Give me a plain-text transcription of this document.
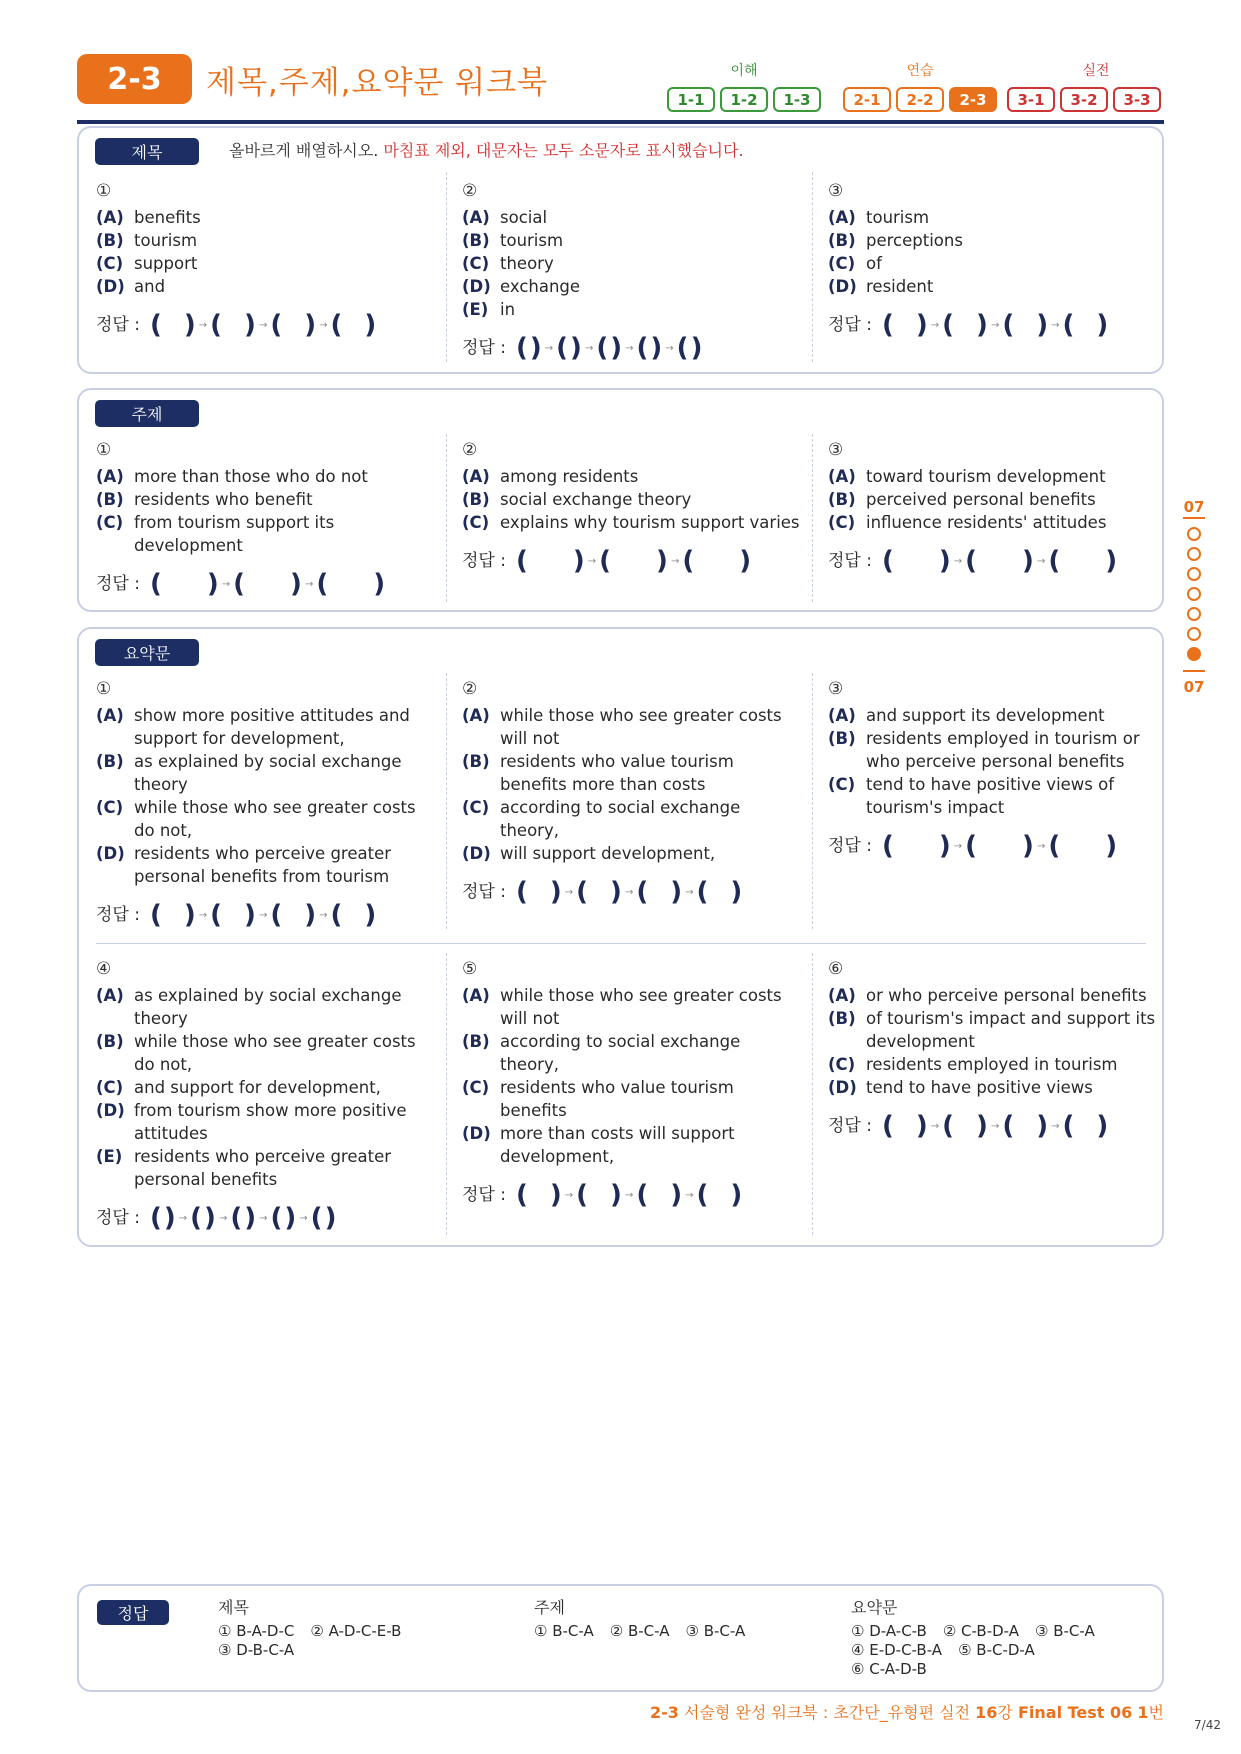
2-3	제목,주제,요약문 워크북	이해	연습	실전
1-1	1-2	1-3	2-1	2-2	2-3	3-1	3-2	3-3
07
07
제목	올바르게 배열하시오. 마침표 제외, 대문자는 모두 소문자로 표시했습니다.
①
(A) benefits
(B) tourism
(C) support
(D) and
정답 : ( ) → ( ) → ( ) → ( )
②
(A) social
(B) tourism
(C) theory
(D) exchange
(E) in
정답 : () → () → () → () → ()
③
(A) tourism
(B) perceptions
(C) of
(D) resident
정답 : ( ) → ( ) → ( ) → ( )
주제
①
(A) more than those who do not
(B) residents who benefit
(C) from tourism support its development
정답 : ( ) → ( ) → ( )
②
(A) among residents
(B) social exchange theory
(C) explains why tourism support varies
정답 : ( ) → ( ) → ( )
③
(A) toward tourism development
(B) perceived personal benefits
(C) influence residents' attitudes
정답 : ( ) → ( ) → ( )
요약문
①
(A) show more positive attitudes and support for development,
(B) as explained by social exchange theory
(C) while those who see greater costs do not,
(D) residents who perceive greater personal benefits from tourism
정답 : ( ) → ( ) → ( ) → ( )
②
(A) while those who see greater costs will not
(B) residents who value tourism benefits more than costs
(C) according to social exchange theory,
(D) will support development,
정답 : ( ) → ( ) → ( ) → ( )
③
(A) and support its development
(B) residents employed in tourism or who perceive personal benefits
(C) tend to have positive views of tourism's impact
정답 : ( ) → ( ) → ( )
④
(A) as explained by social exchange theory
(B) while those who see greater costs do not,
(C) and support for development,
(D) from tourism show more positive attitudes
(E) residents who perceive greater personal benefits
정답 : () → () → () → () → ()
⑤
(A) while those who see greater costs will not
(B) according to social exchange theory,
(C) residents who value tourism benefits
(D) more than costs will support development,
정답 : ( ) → ( ) → ( ) → ( )
⑥
(A) or who perceive personal benefits
(B) of tourism's impact and support its development
(C) residents employed in tourism
(D) tend to have positive views
정답 : ( ) → ( ) → ( ) → ( )
정답	제목
① B-A-D-C ② A-D-C-E-B
③ D-B-C-A
주제
① B-C-A ② B-C-A ③ B-C-A
요약문
① D-A-C-B ② C-B-D-A ③ B-C-A
④ E-D-C-B-A ⑤ B-C-D-A
⑥ C-A-D-B
2-3 서술형 완성 워크북 : 초간단_유형편 실전 16강 Final Test 06 1번
7/42
